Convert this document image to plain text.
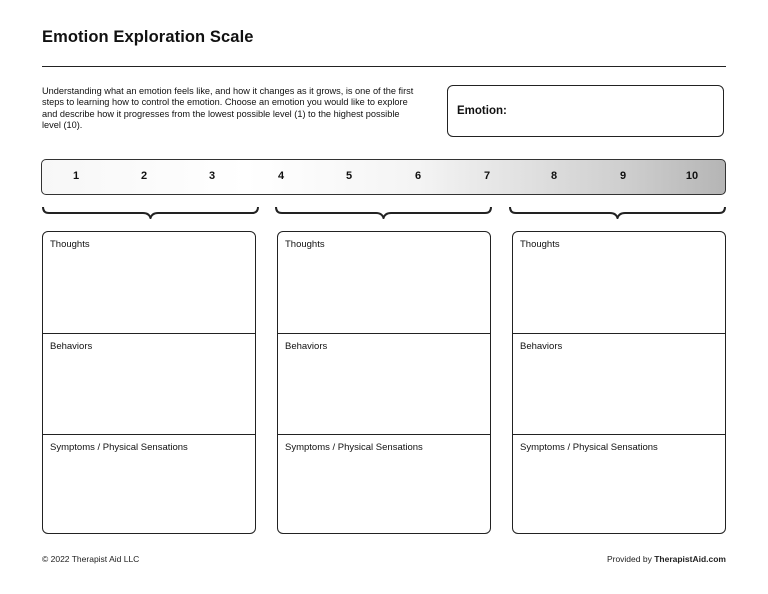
Emotion Exploration Scale
Understanding what an emotion feels like, and how it changes as it grows, is one of the first steps to learning how to control the emotion. Choose an emotion you would like to explore and describe how it progresses from the lowest possible level (1) to the highest possible level (10).
Emotion:
1	2	3	4	5	6	7	8	9	10
Thoughts
Behaviors
Symptoms / Physical Sensations
Thoughts
Behaviors
Symptoms / Physical Sensations
Thoughts
Behaviors
Symptoms / Physical Sensations
© 2022 Therapist Aid LLC	Provided by TherapistAid.com
